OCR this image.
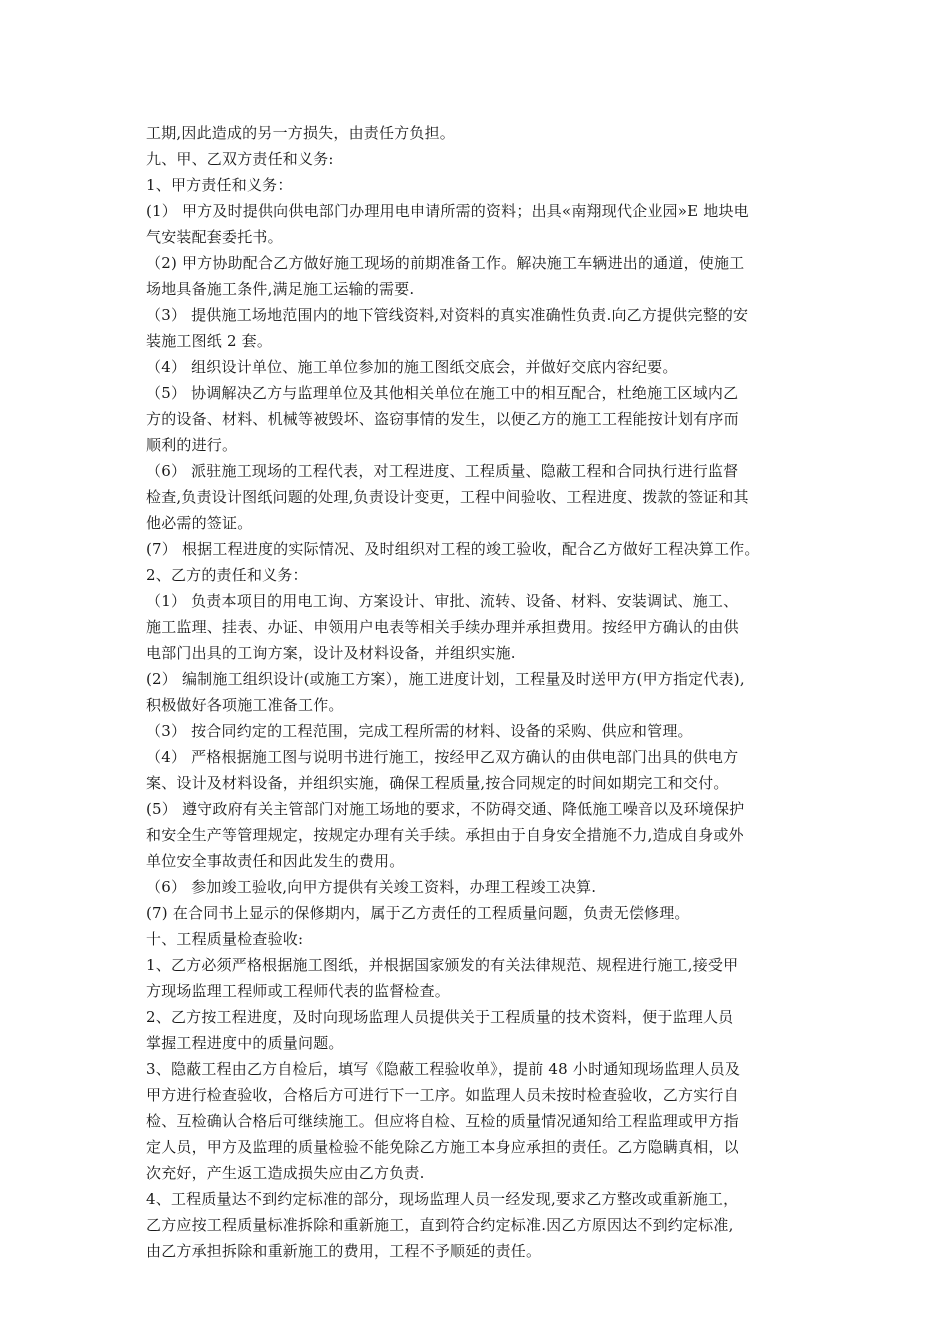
工期,因此造成的另一方损失，由责任方负担。
九、甲、乙双方责任和义务:
1、甲方责任和义务：
(1） 甲方及时提供向供电部门办理用电申请所需的资料；出具«南翔现代企业园»E 地块电
气安装配套委托书。
（2) 甲方协助配合乙方做好施工现场的前期准备工作。解决施工车辆进出的通道，使施工
场地具备施工条件,满足施工运输的需要.
（3） 提供施工场地范围内的地下管线资料,对资料的真实准确性负责.向乙方提供完整的安
装施工图纸 2 套。
（4） 组织设计单位、施工单位参加的施工图纸交底会，并做好交底内容纪要。
（5） 协调解决乙方与监理单位及其他相关单位在施工中的相互配合，杜绝施工区域内乙
方的设备、材料、机械等被毁坏、盗窃事情的发生，以便乙方的施工工程能按计划有序而
顺利的进行。
（6） 派驻施工现场的工程代表，对工程进度、工程质量、隐蔽工程和合同执行进行监督
检查,负责设计图纸问题的处理,负责设计变更，工程中间验收、工程进度、拨款的签证和其
他必需的签证。
(7） 根据工程进度的实际情况、及时组织对工程的竣工验收，配合乙方做好工程决算工作。
2、乙方的责任和义务：
（1） 负责本项目的用电工询、方案设计、审批、流转、设备、材料、安装调试、施工、
施工监理、挂表、办证、申领用户电表等相关手续办理并承担费用。按经甲方确认的由供
电部门出具的工询方案，设计及材料设备，并组织实施.
(2） 编制施工组织设计(或施工方案），施工进度计划，工程量及时送甲方(甲方指定代表),
积极做好各项施工准备工作。
（3） 按合同约定的工程范围，完成工程所需的材料、设备的采购、供应和管理。
（4） 严格根据施工图与说明书进行施工，按经甲乙双方确认的由供电部门出具的供电方
案、设计及材料设备，并组织实施，确保工程质量,按合同规定的时间如期完工和交付。
(5） 遵守政府有关主管部门对施工场地的要求，不防碍交通、降低施工噪音以及环境保护
和安全生产等管理规定，按规定办理有关手续。承担由于自身安全措施不力,造成自身或外
单位安全事故责任和因此发生的费用。
（6） 参加竣工验收,向甲方提供有关竣工资料，办理工程竣工决算.
(7) 在合同书上显示的保修期内，属于乙方责任的工程质量问题，负责无偿修理。
十、工程质量检查验收:
1、乙方必须严格根据施工图纸，并根据国家颁发的有关法律规范、规程进行施工,接受甲
方现场监理工程师或工程师代表的监督检查。
2、乙方按工程进度，及时向现场监理人员提供关于工程质量的技术资料，便于监理人员
掌握工程进度中的质量问题。
3、隐蔽工程由乙方自检后，填写《隐蔽工程验收单》，提前 48 小时通知现场监理人员及
甲方进行检查验收，合格后方可进行下一工序。如监理人员未按时检查验收，乙方实行自
检、互检确认合格后可继续施工。但应将自检、互检的质量情况通知给工程监理或甲方指
定人员，甲方及监理的质量检验不能免除乙方施工本身应承担的责任。乙方隐瞒真相，以
次充好，产生返工造成损失应由乙方负责.
4、工程质量达不到约定标准的部分，现场监理人员一经发现,要求乙方整改或重新施工，
乙方应按工程质量标准拆除和重新施工，直到符合约定标准.因乙方原因达不到约定标准,
由乙方承担拆除和重新施工的费用，工程不予顺延的责任。
